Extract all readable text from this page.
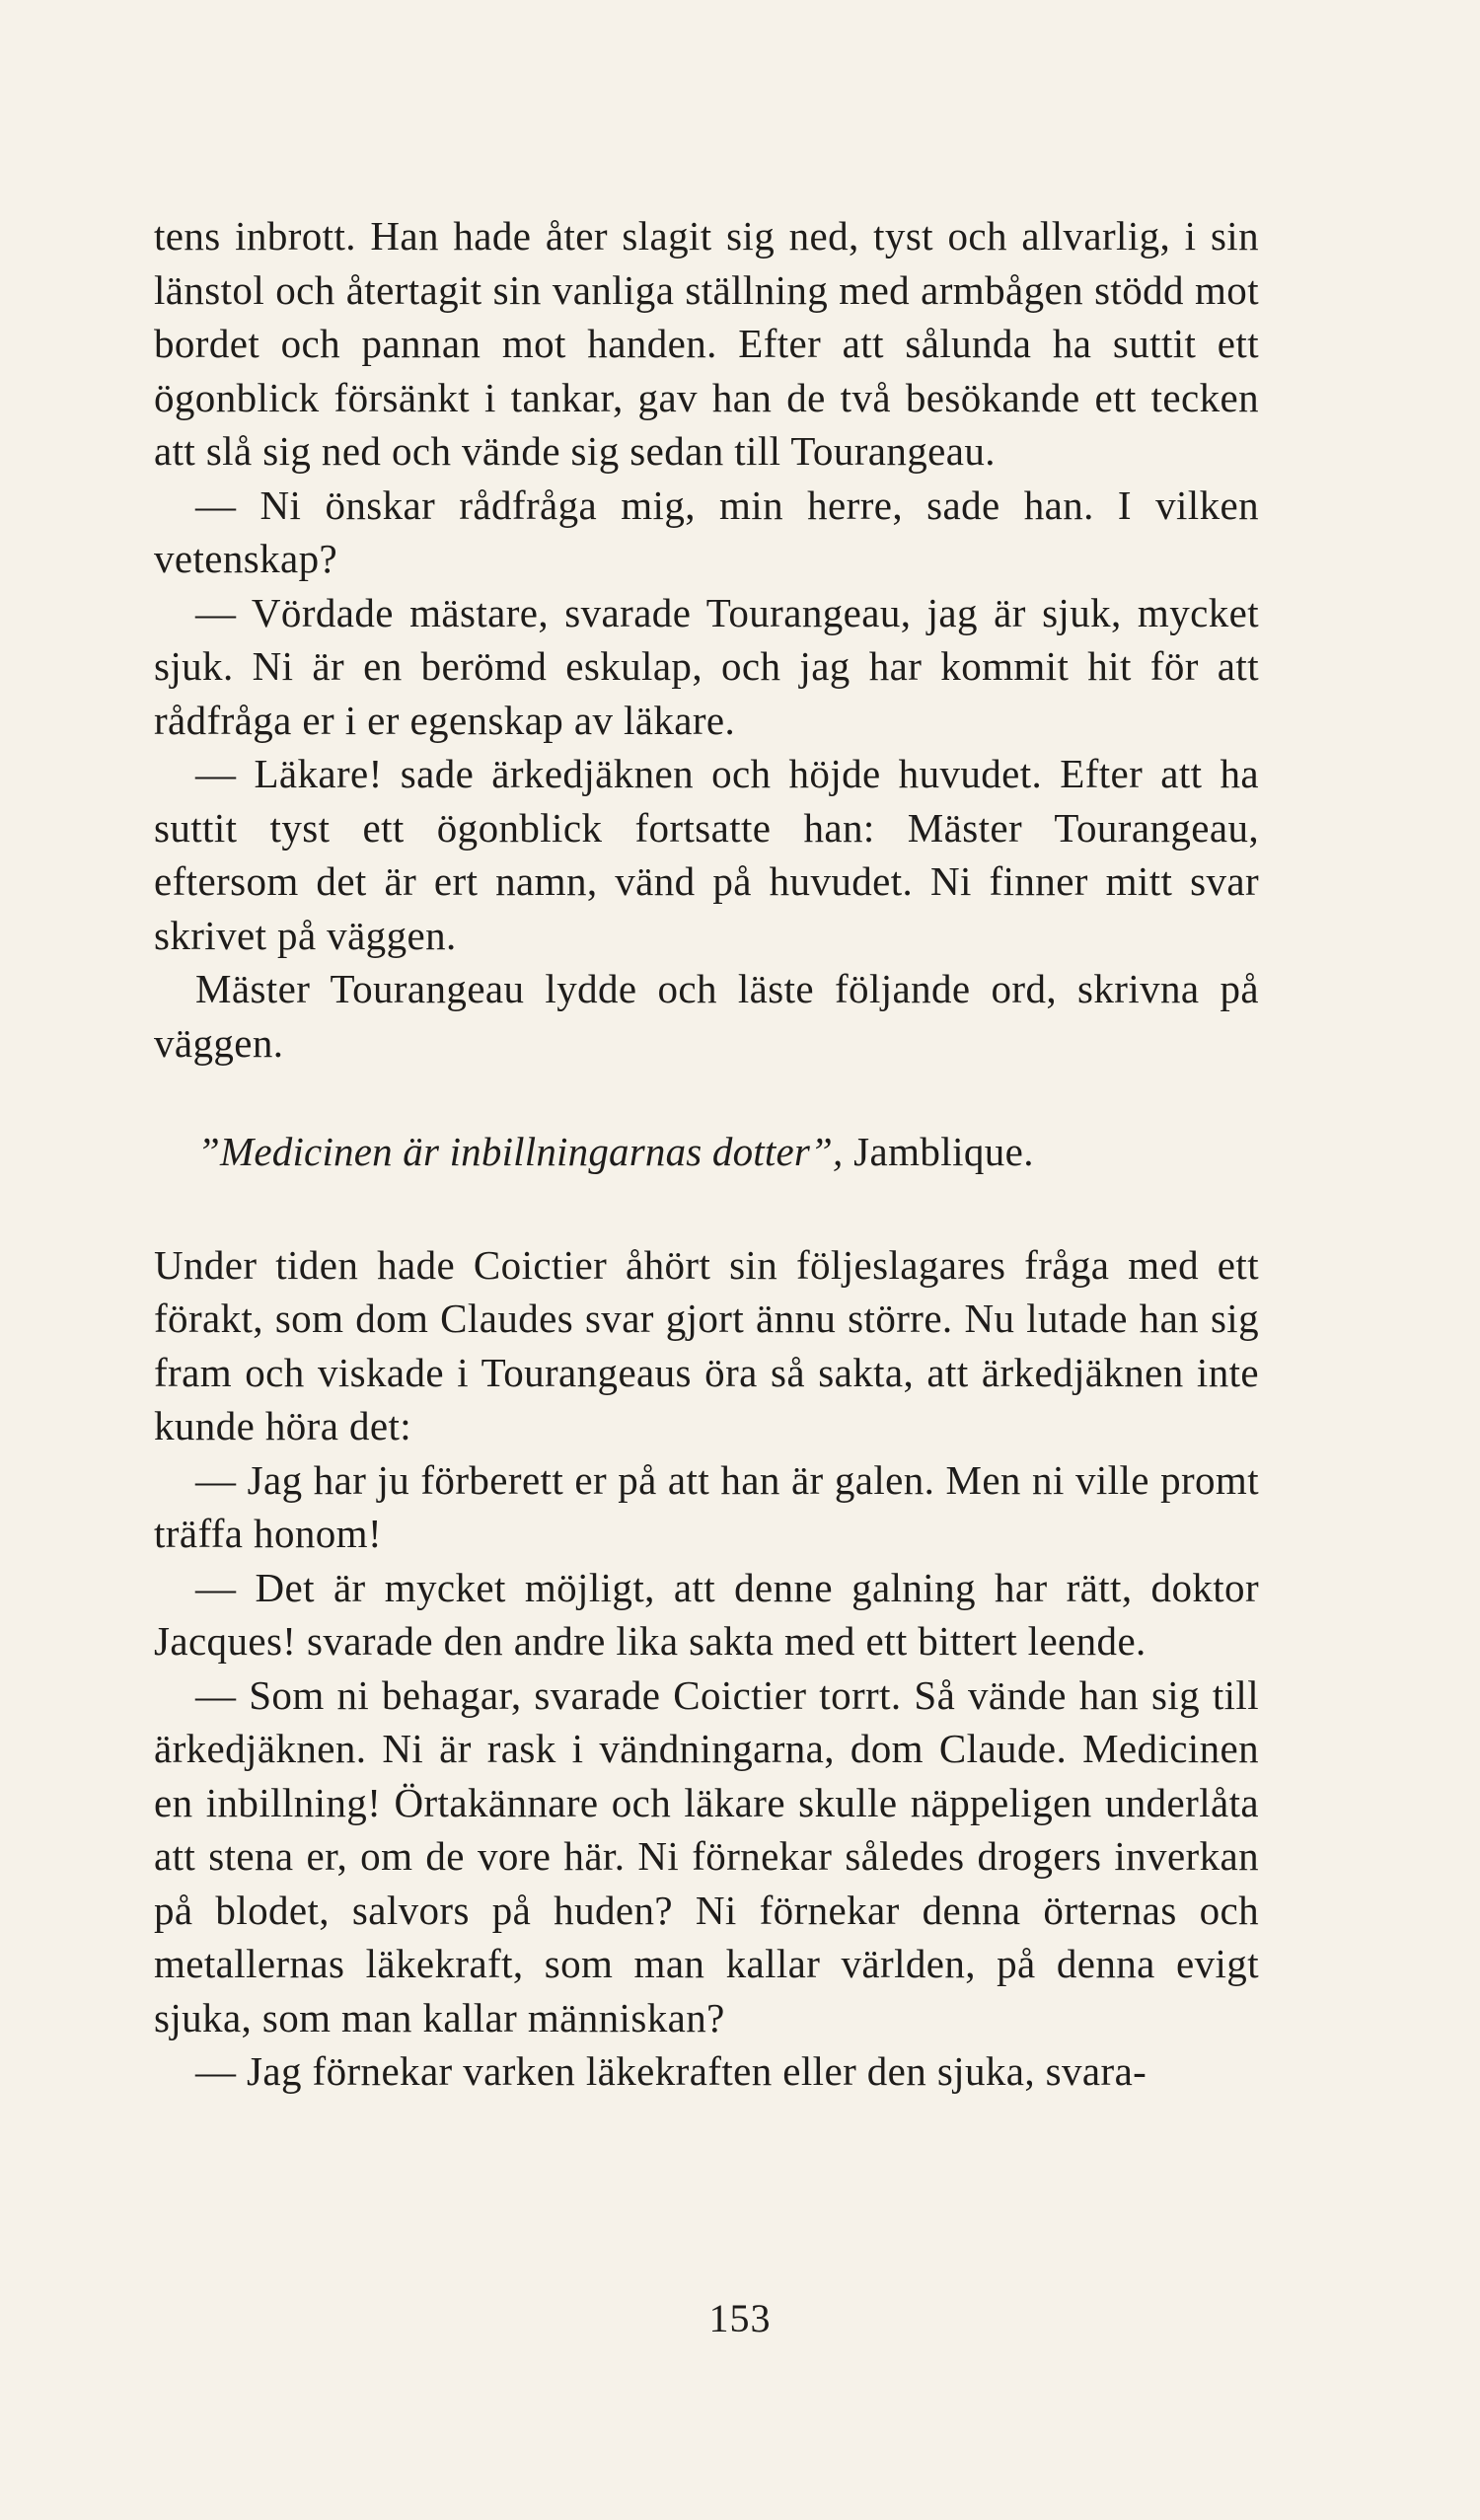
tens inbrott. Han hade åter slagit sig ned, tyst och allvarlig, i sin länstol och återtagit sin vanliga ställning med armbågen stödd mot bordet och pannan mot handen. Efter att sålunda ha suttit ett ögonblick försänkt i tankar, gav han de två besökande ett tecken att slå sig ned och vände sig sedan till Tourangeau.

— Ni önskar rådfråga mig, min herre, sade han. I vilken vetenskap?

— Vördade mästare, svarade Tourangeau, jag är sjuk, mycket sjuk. Ni är en berömd eskulap, och jag har kommit hit för att rådfråga er i er egenskap av läkare.

— Läkare! sade ärkedjäknen och höjde huvudet. Efter att ha suttit tyst ett ögonblick fortsatte han: Mäster Tourangeau, eftersom det är ert namn, vänd på huvudet. Ni finner mitt svar skrivet på väggen.

Mäster Tourangeau lydde och läste följande ord, skrivna på väggen.

”Medicinen är inbillningarnas dotter”, Jamblique.

Under tiden hade Coictier åhört sin följeslagares fråga med ett förakt, som dom Claudes svar gjort ännu större. Nu lutade han sig fram och viskade i Tourangeaus öra så sakta, att ärkedjäknen inte kunde höra det:

— Jag har ju förberett er på att han är galen. Men ni ville promt träffa honom!

— Det är mycket möjligt, att denne galning har rätt, doktor Jacques! svarade den andre lika sakta med ett bittert leende.

— Som ni behagar, svarade Coictier torrt. Så vände han sig till ärkedjäknen. Ni är rask i vändningarna, dom Claude. Medicinen en inbillning! Örtakännare och läkare skulle näppeligen underlåta att stena er, om de vore här. Ni förnekar således drogers inverkan på blodet, salvors på huden? Ni förnekar denna örternas och metallernas läkekraft, som man kallar världen, på denna evigt sjuka, som man kallar människan?

— Jag förnekar varken läkekraften eller den sjuka, svara-

153
